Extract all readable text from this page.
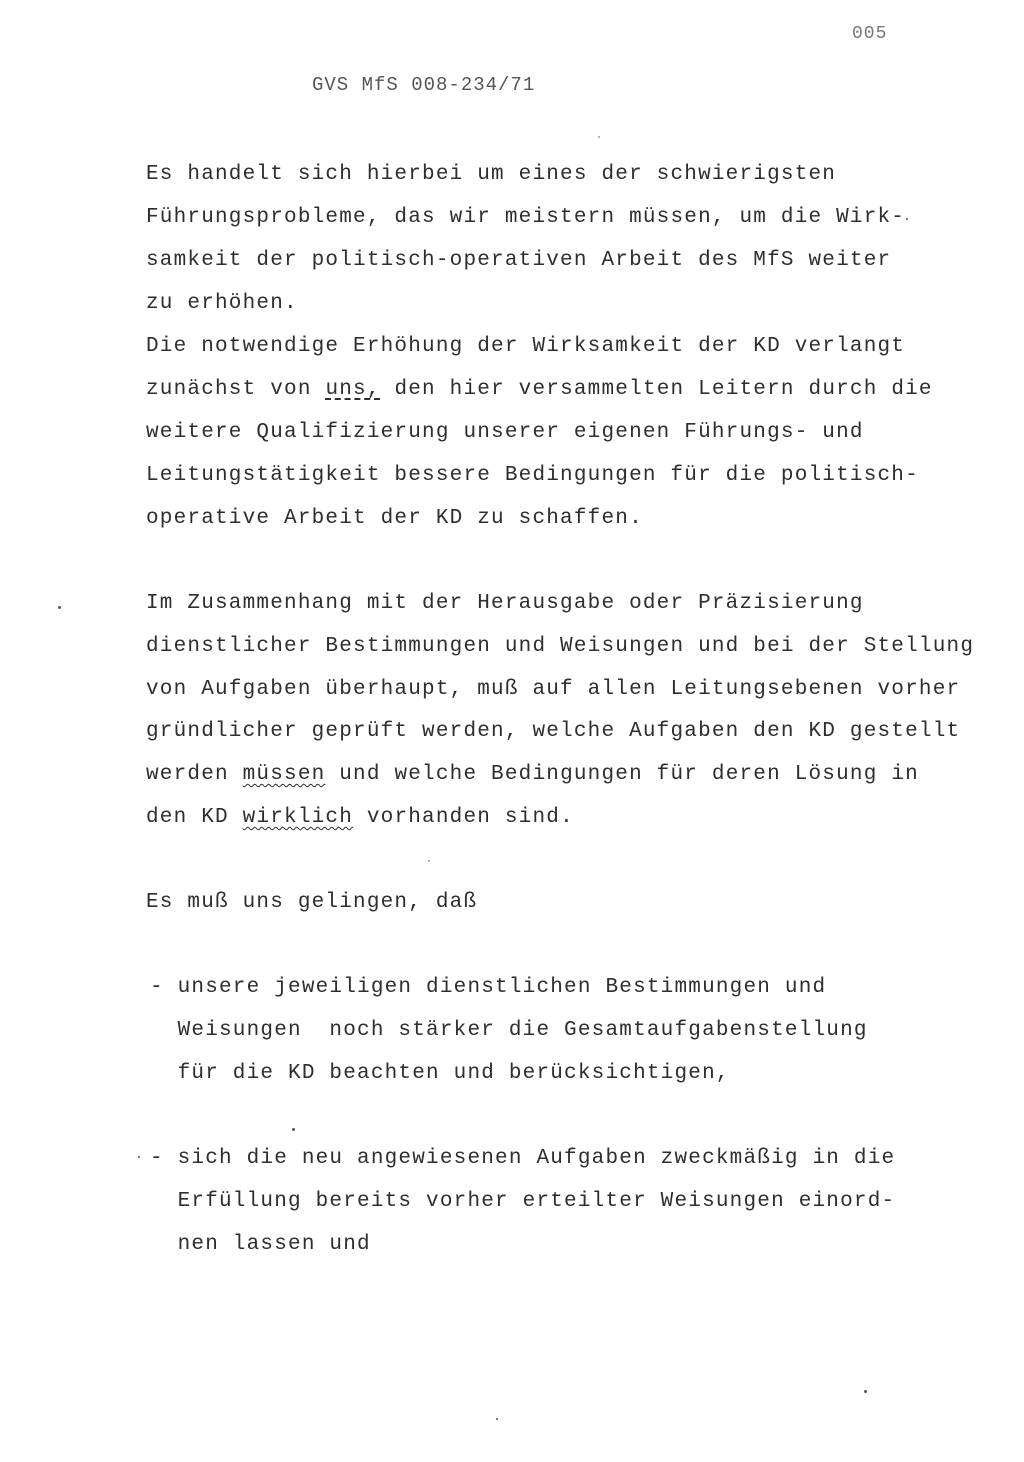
005
GVS MfS 008-234/71
Es handelt sich hierbei um eines der schwierigsten
Führungsprobleme, das wir meistern müssen, um die Wirk-
samkeit der politisch-operativen Arbeit des MfS weiter
zu erhöhen.
Die notwendige Erhöhung der Wirksamkeit der KD verlangt
zunächst von uns, den hier versammelten Leitern durch die
weitere Qualifizierung unserer eigenen Führungs- und
Leitungstätigkeit bessere Bedingungen für die politisch-
operative Arbeit der KD zu schaffen.
Im Zusammenhang mit der Herausgabe oder Präzisierung
dienstlicher Bestimmungen und Weisungen und bei der Stellung
von Aufgaben überhaupt, muß auf allen Leitungsebenen vorher
gründlicher geprüft werden, welche Aufgaben den KD gestellt
werden müssen und welche Bedingungen für deren Lösung in
den KD wirklich vorhanden sind.
Es muß uns gelingen, daß
- unsere jeweiligen dienstlichen Bestimmungen und
Weisungen  noch stärker die Gesamtaufgabenstellung
für die KD beachten und berücksichtigen,
- sich die neu angewiesenen Aufgaben zweckmäßig in die
Erfüllung bereits vorher erteilter Weisungen einord-
nen lassen und
